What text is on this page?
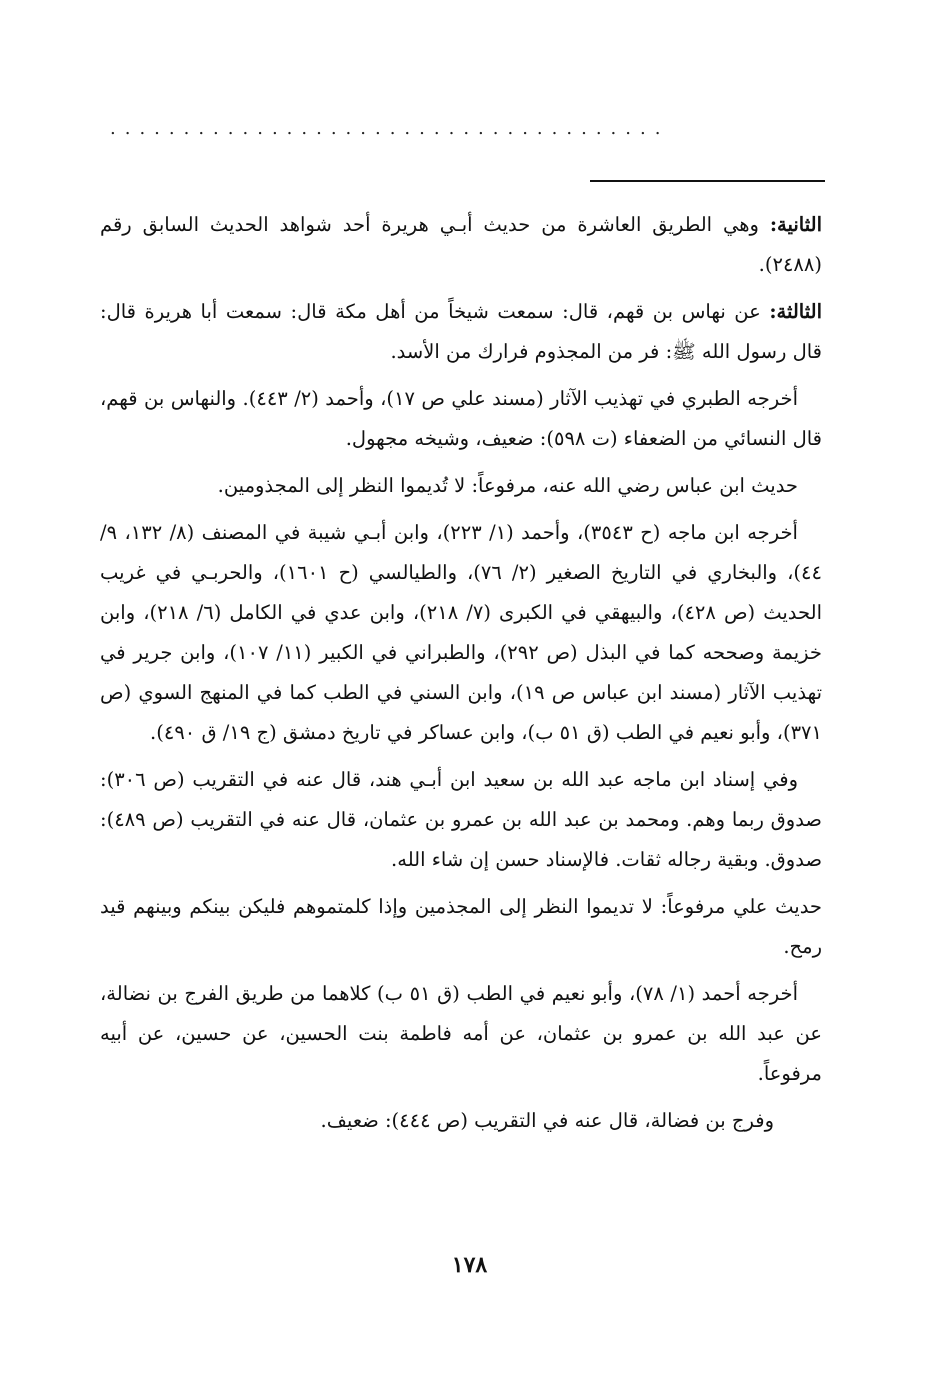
......................................

الثانية: وهي الطريق العاشرة من حديث أبـي هريرة أحد شواهد الحديث السابق رقم (٢٤٨٨).

الثالثة: عن نهاس بن قهم، قال: سمعت شيخاً من أهل مكة قال: سمعت أبا هريرة قال: قال رسول الله ﷺ: فر من المجذوم فرارك من الأسد.

أخرجه الطبري في تهذيب الآثار (مسند علي ص ١٧)، وأحمد (٢/ ٤٤٣). والنهاس بن قهم، قال النسائي من الضعفاء (ت ٥٩٨): ضعيف، وشيخه مجهول.

حديث ابن عباس رضي الله عنه، مرفوعاً: لا تُديموا النظر إلى المجذومين.

أخرجه ابن ماجه (ح ٣٥٤٣)، وأحمد (١/ ٢٢٣)، وابن أبـي شيبة في المصنف (٨/ ١٣٢، ٩/ ٤٤)، والبخاري في التاريخ الصغير (٢/ ٧٦)، والطيالسي (ح ١٦٠١)، والحربـي في غريب الحديث (ص ٤٢٨)، والبيهقي في الكبرى (٧/ ٢١٨)، وابن عدي في الكامل (٦/ ٢١٨)، وابن خزيمة وصححه كما في البذل (ص ٢٩٢)، والطبراني في الكبير (١١/ ١٠٧)، وابن جرير في تهذيب الآثار (مسند ابن عباس ص ١٩)، وابن السني في الطب كما في المنهج السوي (ص ٣٧١)، وأبو نعيم في الطب (ق ٥١ ب)، وابن عساكر في تاريخ دمشق (ج ١٩/ ق ٤٩٠).

وفي إسناد ابن ماجه عبد الله بن سعيد ابن أبـي هند، قال عنه في التقريب (ص ٣٠٦): صدوق ربما وهم. ومحمد بن عبد الله بن عمرو بن عثمان، قال عنه في التقريب (ص ٤٨٩): صدوق. وبقية رجاله ثقات. فالإسناد حسن إن شاء الله.

حديث علي مرفوعاً: لا تديموا النظر إلى المجذمين وإذا كلمتموهم فليكن بينكم وبينهم قيد رمح.

أخرجه أحمد (١/ ٧٨)، وأبو نعيم في الطب (ق ٥١ ب) كلاهما من طريق الفرج بن نضالة، عن عبد الله بن عمرو بن عثمان، عن أمه فاطمة بنت الحسين، عن حسين، عن أبيه مرفوعاً.

وفرج بن فضالة، قال عنه في التقريب (ص ٤٤٤): ضعيف.

١٧٨
